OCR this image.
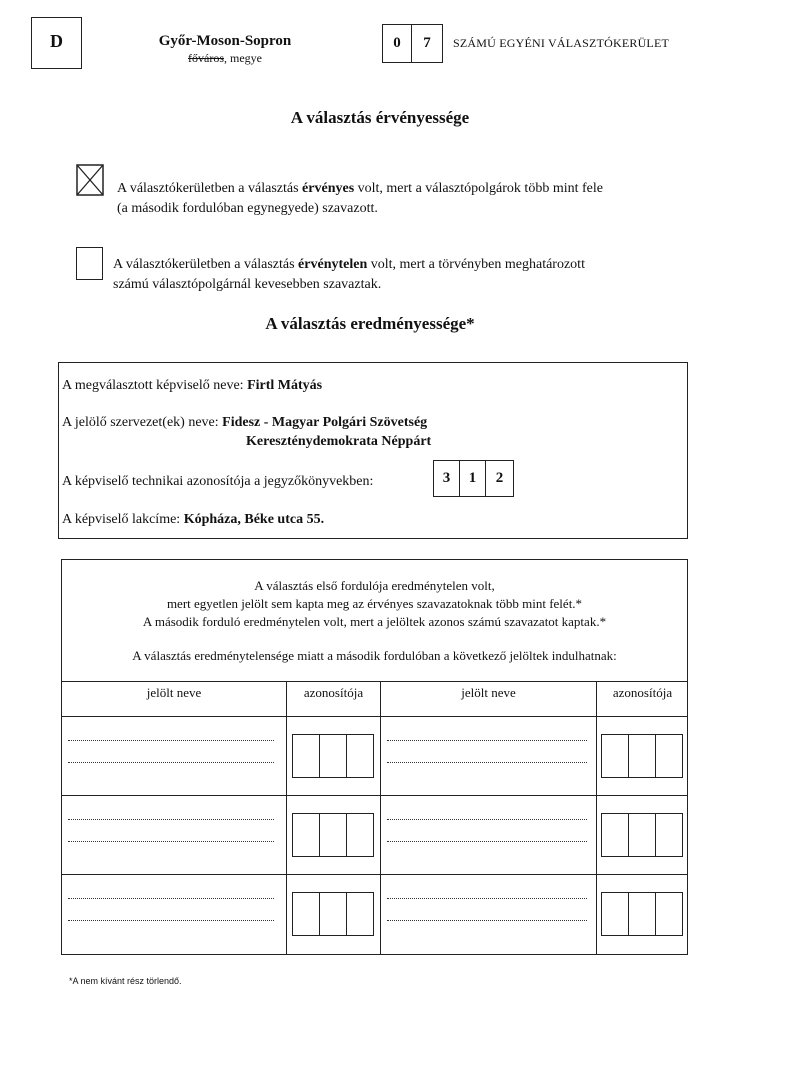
D	Győr-Moson-Sopron
főváros, megye
0	7	SZÁMÚ EGYÉNI VÁLASZTÓKERÜLET
A választás érvényessége
A választókerületben a választás érvényes volt, mert a választópolgárok több mint fele
(a második fordulóban egynegyede) szavazott.
A választókerületben a választás érvénytelen volt, mert a törvényben meghatározott
számú választópolgárnál kevesebben szavaztak.
A választás eredményessége*
A megválasztott képviselő neve: Firtl Mátyás
A jelölő szervezet(ek) neve: Fidesz - Magyar Polgári Szövetség
Kereszténydemokrata Néppárt
A képviselő technikai azonosítója a jegyzőkönyvekben:	3	1	2
A képviselő lakcíme: Kópháza, Béke utca 55.
A választás első fordulója eredménytelen volt,
mert egyetlen jelölt sem kapta meg az érvényes szavazatoknak több mint felét.*
A második forduló eredménytelen volt, mert a jelöltek azonos számú szavazatot kaptak.*
A választás eredménytelensége miatt a második fordulóban a következő jelöltek indulhatnak:
jelölt neve	azonosítója	jelölt neve	azonosítója
*A nem kívánt rész törlendő.
